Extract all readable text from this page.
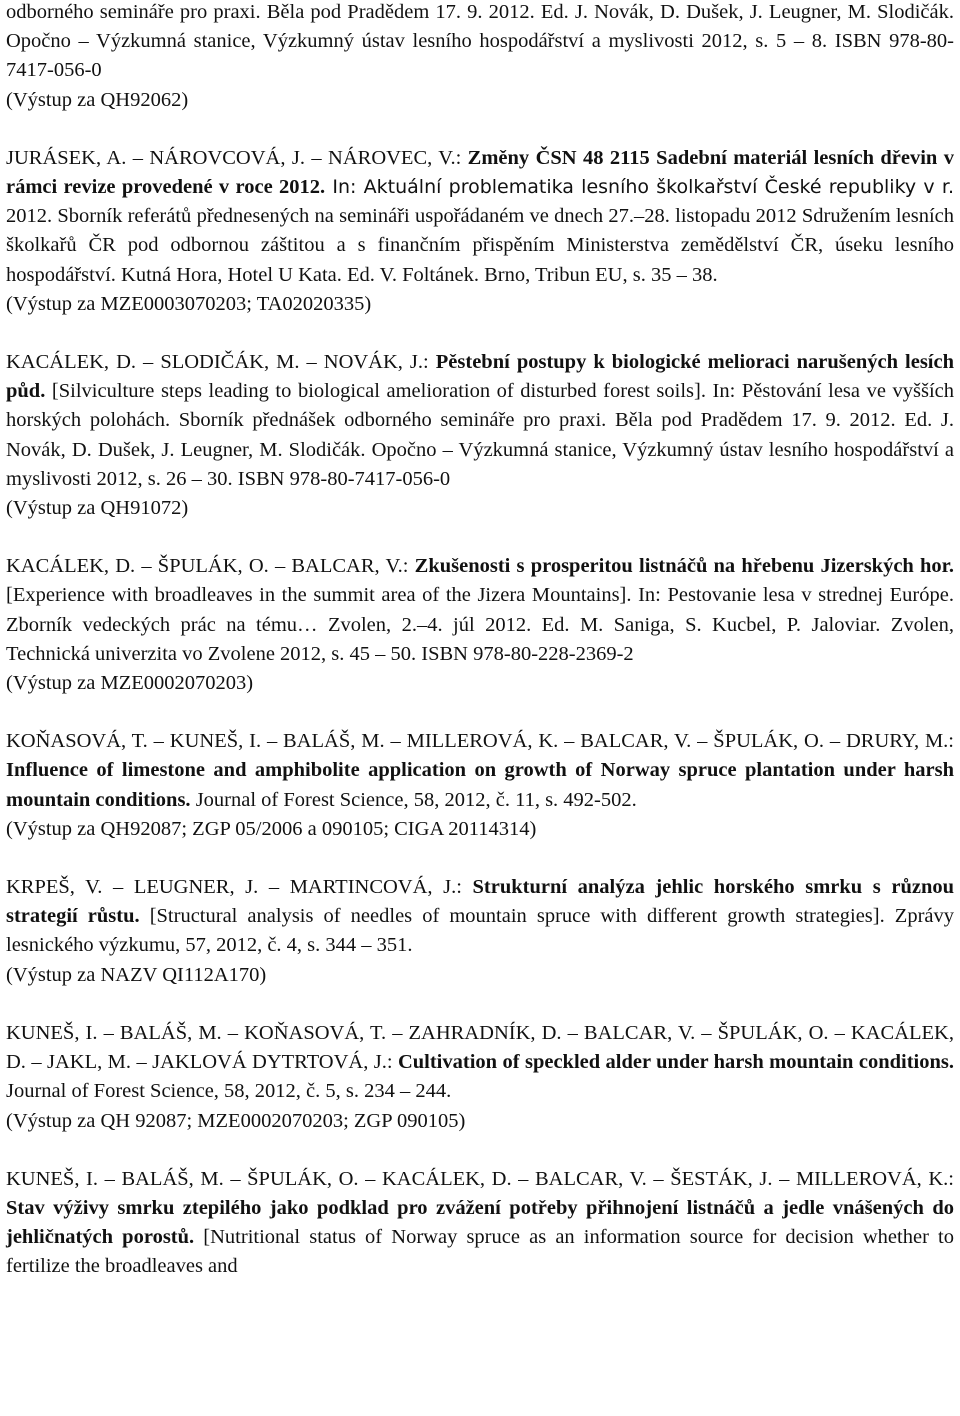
odborného semináře pro praxi. Běla pod Pradědem 17. 9. 2012. Ed. J. Novák, D. Dušek, J. Leugner, M. Slodičák. Opočno – Výzkumná stanice, Výzkumný ústav lesního hospodářství a myslivosti 2012, s. 5 – 8. ISBN 978-80-7417-056-0
(Výstup za QH92062)
JURÁSEK, A. – NÁROVCOVÁ, J. – NÁROVEC, V.: Změny ČSN 48 2115 Sadební materiál lesních dřevin v rámci revize provedené v roce 2012. In: Aktuální problematika lesního školkařství České republiky v r. 2012. Sborník referátů přednesených na semináři uspořádaném ve dnech 27.–28. listopadu 2012 Sdružením lesních školkařů ČR pod odbornou záštitou a s finančním přispěním Ministerstva zemědělství ČR, úseku lesního hospodářství. Kutná Hora, Hotel U Kata. Ed. V. Foltánek. Brno, Tribun EU, s. 35 – 38.
(Výstup za MZE0003070203; TA02020335)
KACÁLEK, D. – SLODIČÁK, M. – NOVÁK, J.: Pěstební postupy k biologické melioraci narušených lesích půd. [Silviculture steps leading to biological amelioration of disturbed forest soils]. In: Pěstování lesa ve vyšších horských polohách. Sborník přednášek odborného semináře pro praxi. Běla pod Pradědem 17. 9. 2012. Ed. J. Novák, D. Dušek, J. Leugner, M. Slodičák. Opočno – Výzkumná stanice, Výzkumný ústav lesního hospodářství a myslivosti 2012, s. 26 – 30. ISBN 978-80-7417-056-0
(Výstup za QH91072)
KACÁLEK, D. – ŠPULÁK, O. – BALCAR, V.: Zkušenosti s prosperitou listnáčů na hřebenu Jizerských hor. [Experience with broadleaves in the summit area of the Jizera Mountains]. In: Pestovanie lesa v strednej Európe. Zborník vedeckých prác na tému… Zvolen, 2.–4. júl 2012. Ed. M. Saniga, S. Kucbel, P. Jaloviar. Zvolen, Technická univerzita vo Zvolene 2012, s. 45 – 50. ISBN 978-80-228-2369-2
(Výstup za MZE0002070203)
KOŇASOVÁ, T. – KUNEŠ, I. – BALÁŠ, M. – MILLEROVÁ, K. – BALCAR, V. – ŠPULÁK, O. – DRURY, M.: Influence of limestone and amphibolite application on growth of Norway spruce plantation under harsh mountain conditions. Journal of Forest Science, 58, 2012, č. 11, s. 492-502.
(Výstup za QH92087; ZGP 05/2006 a 090105; CIGA 20114314)
KRPEŠ, V. – LEUGNER, J. – MARTINCOVÁ, J.: Strukturní analýza jehlic horského smrku s různou strategií růstu. [Structural analysis of needles of mountain spruce with different growth strategies]. Zprávy lesnického výzkumu, 57, 2012, č. 4, s. 344 – 351.
(Výstup za NAZV QI112A170)
KUNEŠ, I. – BALÁŠ, M. – KOŇASOVÁ, T. – ZAHRADNÍK, D. – BALCAR, V. – ŠPULÁK, O. – KACÁLEK, D. – JAKL, M. – JAKLOVÁ DYTRTOVÁ, J.: Cultivation of speckled alder under harsh mountain conditions. Journal of Forest Science, 58, 2012, č. 5, s. 234 – 244.
(Výstup za QH 92087; MZE0002070203; ZGP 090105)
KUNEŠ, I. – BALÁŠ, M. – ŠPULÁK, O. – KACÁLEK, D. – BALCAR, V. – ŠESTÁK, J. – MILLEROVÁ, K.: Stav výživy smrku ztepilého jako podklad pro zvážení potřeby přihnojení listnáčů a jedle vnášených do jehličnatých porostů. [Nutritional status of Norway spruce as an information source for decision whether to fertilize the broadleaves and
